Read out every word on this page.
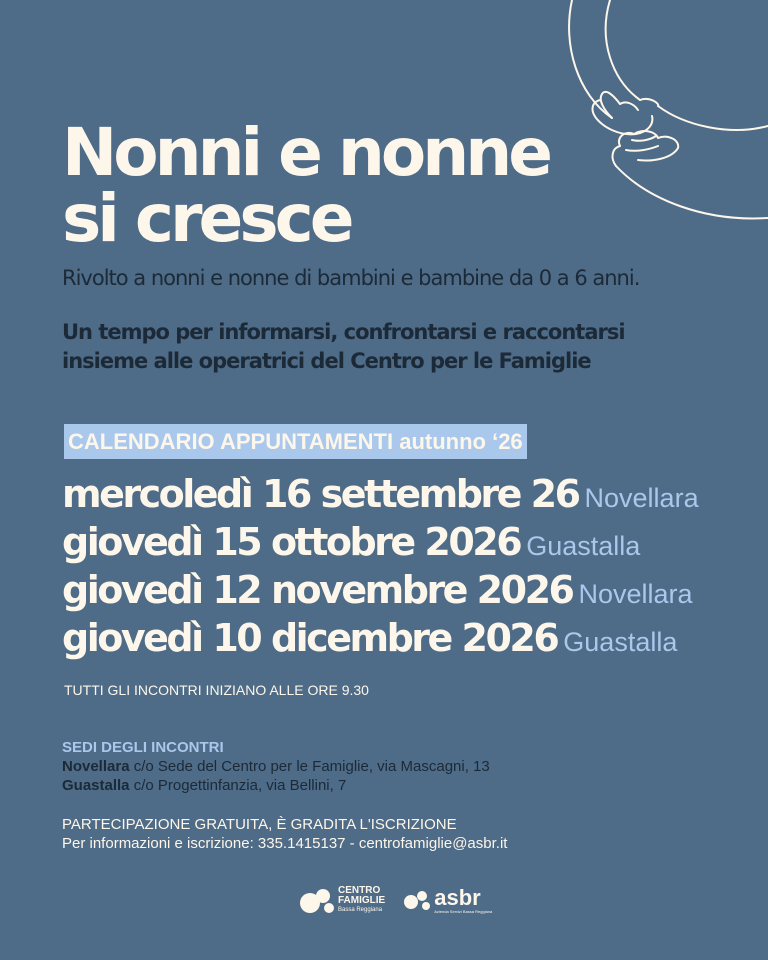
Nonni e nonne
si cresce
Rivolto a nonni e nonne di bambini e bambine da 0 a 6 anni.
Un tempo per informarsi, confrontarsi e raccontarsi
insieme alle operatrici del Centro per le Famiglie
CALENDARIO APPUNTAMENTI autunno ‘26
mercoledì 16 settembre 26 Novellara
giovedì 15 ottobre 2026 Guastalla
giovedì 12 novembre 2026 Novellara
giovedì 10 dicembre 2026 Guastalla
TUTTI GLI INCONTRI INIZIANO ALLE ORE 9.30
SEDI DEGLI INCONTRI
Novellara c/o Sede del Centro per le Famiglie, via Mascagni, 13
Guastalla c/o Progettinfanzia, via Bellini, 7
PARTECIPAZIONE GRATUITA, È GRADITA L'ISCRIZIONE
Per informazioni e iscrizione: 335.1415137 - centrofamiglie@asbr.it
CENTRO
FAMIGLIE
Bassa Reggiana
asbr
Azienda Servizi Bassa Reggiana
